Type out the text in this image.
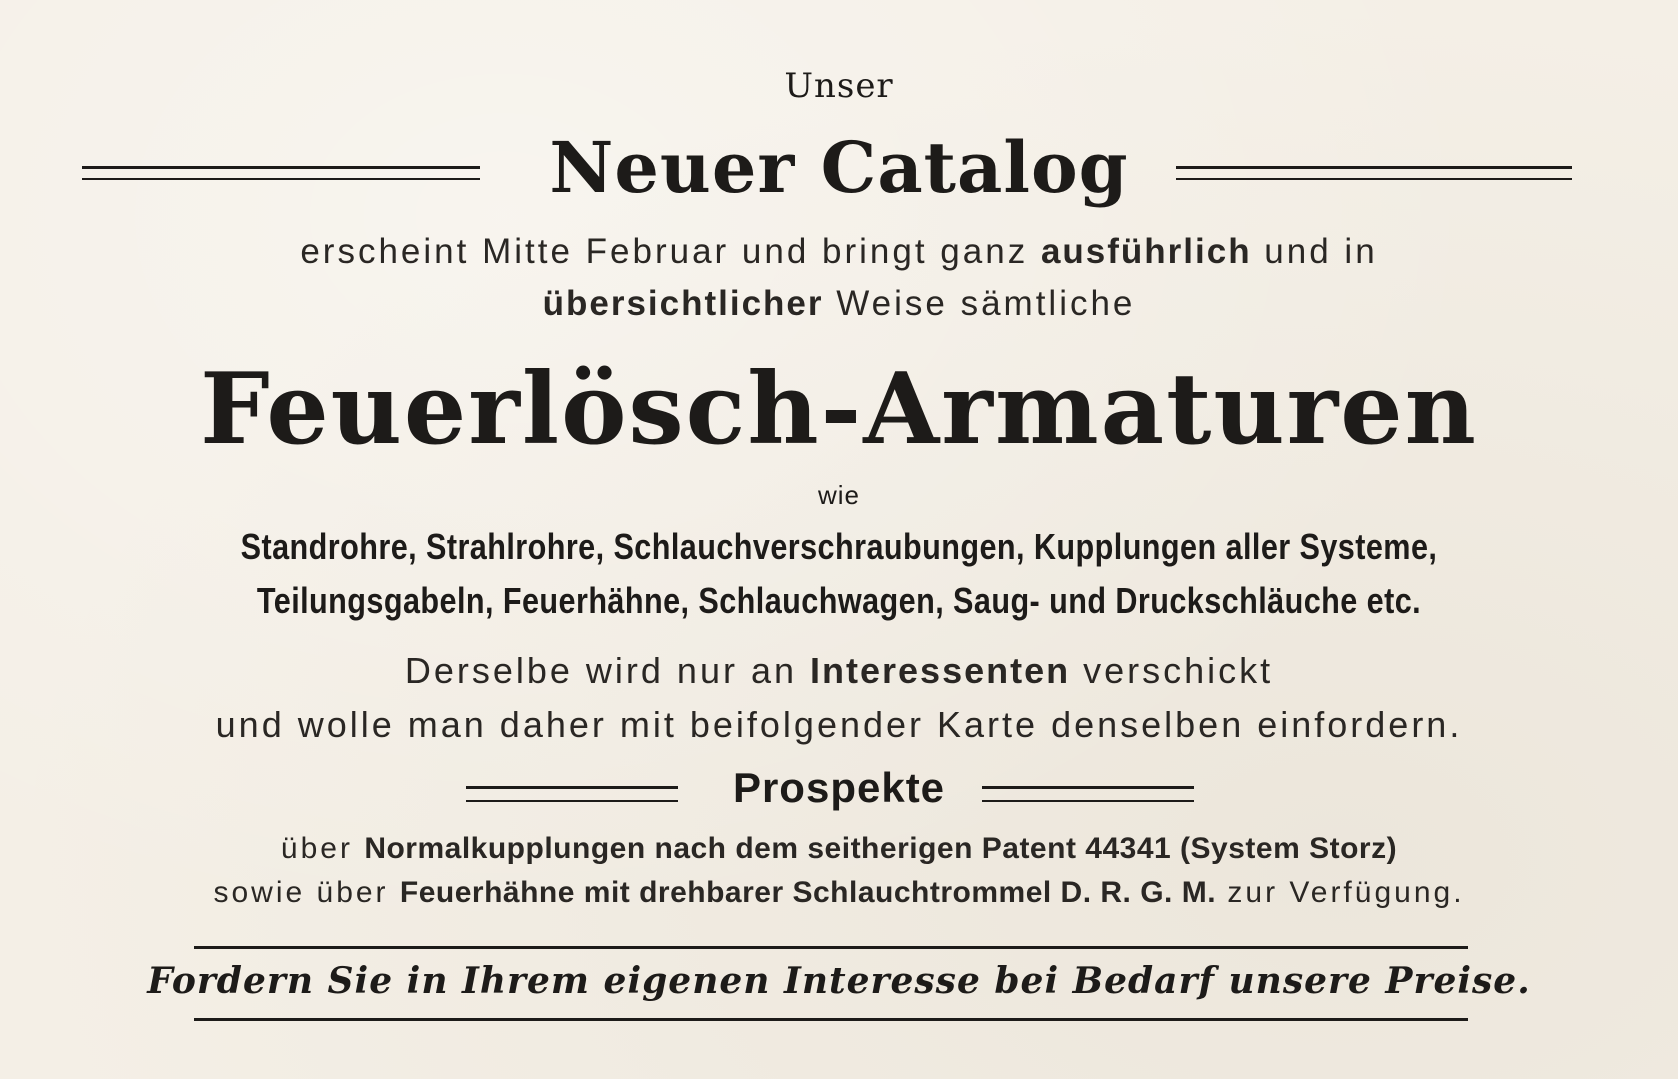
Unser
Neuer Catalog
erscheint Mitte Februar und bringt ganz ausführlich und in
übersichtlicher Weise sämtliche
Feuerlösch-Armaturen
wie
Standrohre, Strahlrohre, Schlauchverschraubungen, Kupplungen aller Systeme,
Teilungsgabeln, Feuerhähne, Schlauchwagen, Saug- und Druckschläuche etc.
Derselbe wird nur an Interessenten verschickt
und wolle man daher mit beifolgender Karte denselben einfordern.
Prospekte
über Normalkupplungen nach dem seitherigen Patent 44341 (System Storz)
sowie über Feuerhähne mit drehbarer Schlauchtrommel D. R. G. M. zur Verfügung.
Fordern Sie in Ihrem eigenen Interesse bei Bedarf unsere Preise.
